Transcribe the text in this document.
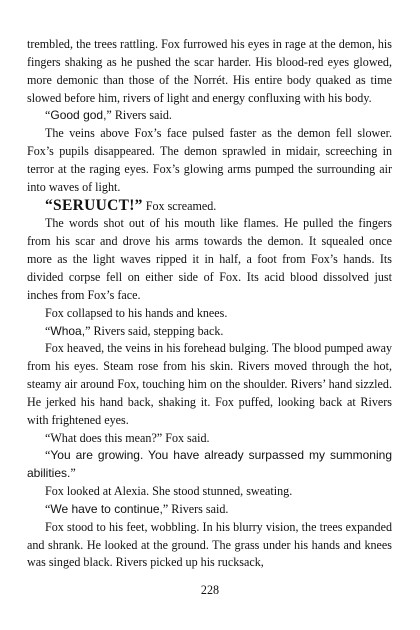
trembled, the trees rattling. Fox furrowed his eyes in rage at the demon, his fingers shaking as he pushed the scar harder. His blood-red eyes glowed, more demonic than those of the Norrét. His entire body quaked as time slowed before him, rivers of light and energy confluxing with his body.

“Good god,” Rivers said.

The veins above Fox’s face pulsed faster as the demon fell slower. Fox’s pupils disappeared. The demon sprawled in midair, screeching in terror at the raging eyes. Fox’s glowing arms pumped the surrounding air into waves of light.

“SERUUCT!” Fox screamed.

The words shot out of his mouth like flames. He pulled the fingers from his scar and drove his arms towards the demon. It squealed once more as the light waves ripped it in half, a foot from Fox’s hands. Its divided corpse fell on either side of Fox. Its acid blood dissolved just inches from Fox’s face.

Fox collapsed to his hands and knees.

“Whoa,” Rivers said, stepping back.

Fox heaved, the veins in his forehead bulging. The blood pumped away from his eyes. Steam rose from his skin. Rivers moved through the hot, steamy air around Fox, touching him on the shoulder. Rivers’ hand sizzled. He jerked his hand back, shaking it. Fox puffed, looking back at Rivers with frightened eyes.

“What does this mean?” Fox said.

“You are growing. You have already surpassed my summoning abilities.”

Fox looked at Alexia. She stood stunned, sweating.

“We have to continue,” Rivers said.

Fox stood to his feet, wobbling. In his blurry vision, the trees expanded and shrank. He looked at the ground. The grass under his hands and knees was singed black. Rivers picked up his rucksack,

228
